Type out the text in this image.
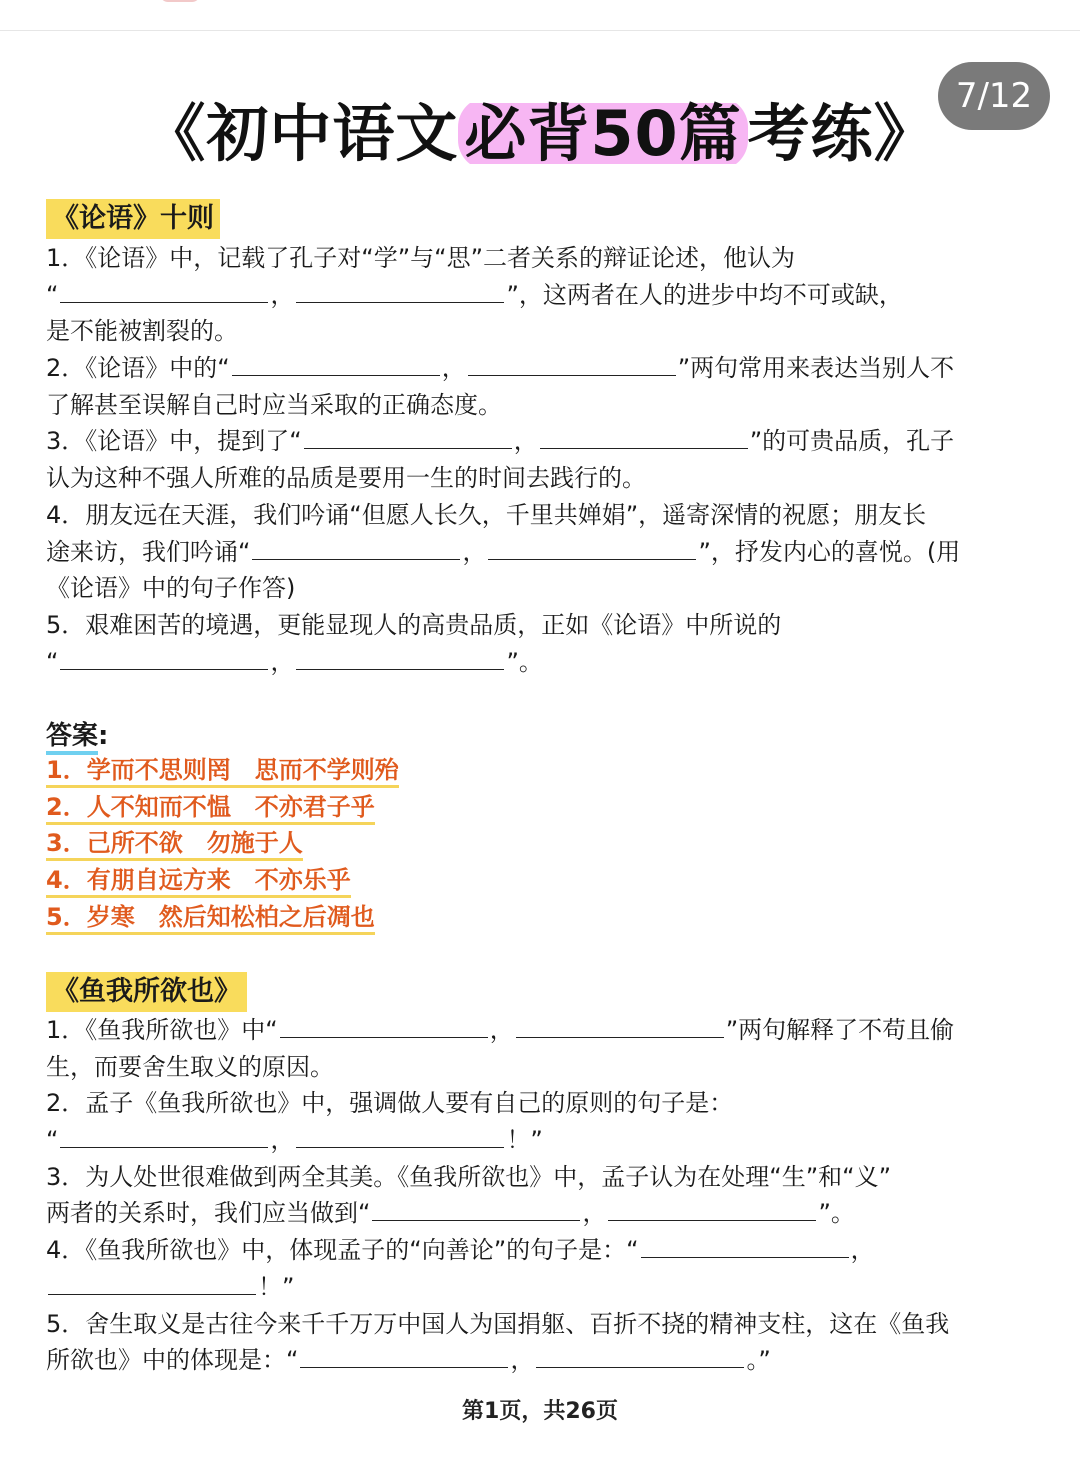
7/12
《初中语文必背50篇考练》
《论语》十则
1．《论语》中，记载了孔子对“学”与“思”二者关系的辩证论述，他认为
“	，	”，这两者在人的进步中均不可或缺，
是不能被割裂的。
2．《论语》中的“	，	”两句常用来表达当别人不
了解甚至误解自己时应当采取的正确态度。
3．《论语》中，提到了“	，	”的可贵品质，孔子
认为这种不强人所难的品质是要用一生的时间去践行的。
4．朋友远在天涯，我们吟诵“但愿人长久，千里共婵娟”，遥寄深情的祝愿；朋友长
途来访，我们吟诵“	，	”，抒发内心的喜悦。(用
《论语》中的句子作答)
5．艰难困苦的境遇，更能显现人的高贵品质，正如《论语》中所说的
“	，	”。
答案:
1．学而不思则罔　思而不学则殆
2．人不知而不愠　不亦君子乎
3．己所不欲　勿施于人
4．有朋自远方来　不亦乐乎
5．岁寒　然后知松柏之后凋也
《鱼我所欲也》
1．《鱼我所欲也》中“	，	”两句解释了不苟且偷
生，而要舍生取义的原因。
2．孟子《鱼我所欲也》中，强调做人要有自己的原则的句子是：
“	，	！”
3．为人处世很难做到两全其美。《鱼我所欲也》中，孟子认为在处理“生”和“义”
两者的关系时，我们应当做到“	，	”。
4．《鱼我所欲也》中，体现孟子的“向善论”的句子是：“	，
！”
5．舍生取义是古往今来千千万万中国人为国捐躯、百折不挠的精神支柱，这在《鱼我
所欲也》中的体现是：“	，	。”
第1页，共26页
